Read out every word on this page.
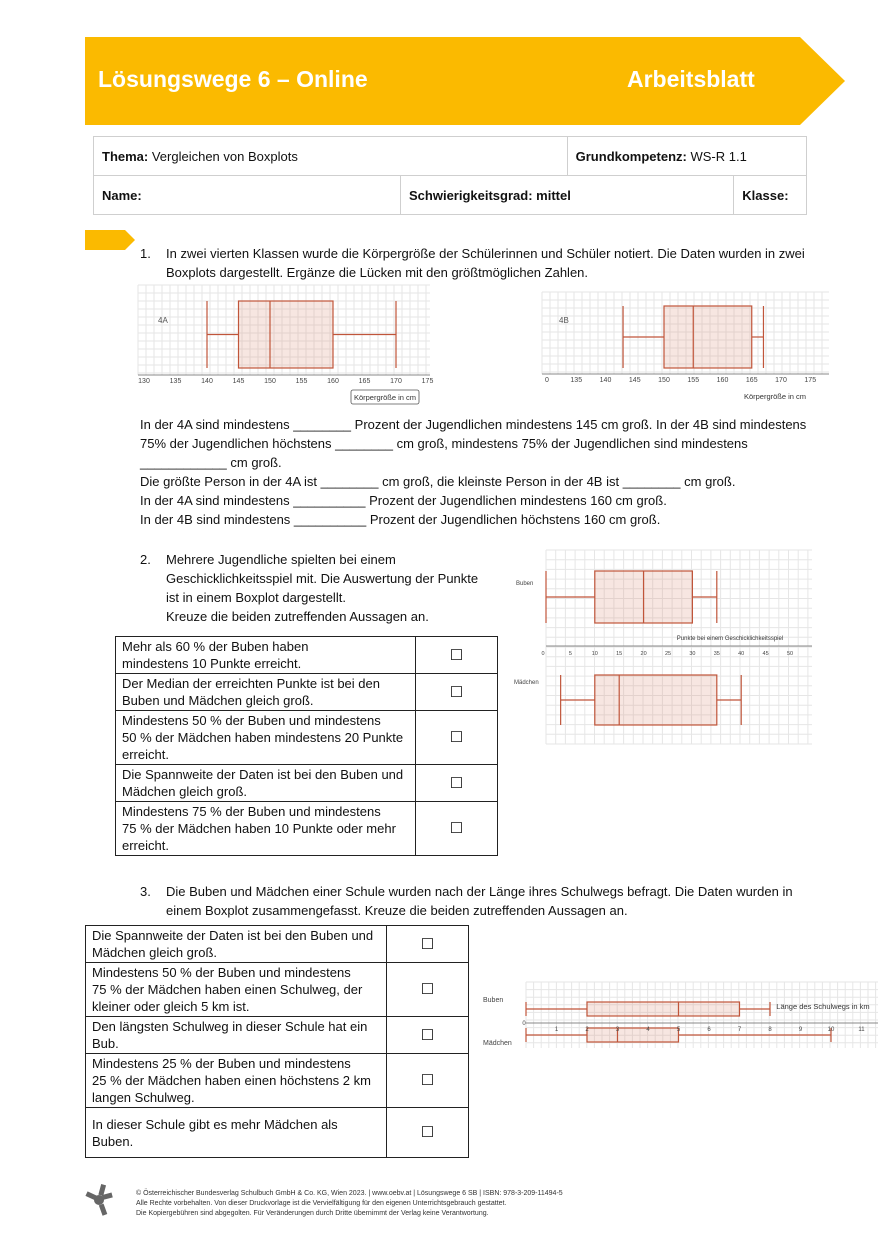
Lösungswege 6 – Online	Arbeitsblatt
Thema: Vergleichen von Boxplots		Grundkompetenz: WS-R 1.1	
Name:	Schwierigkeitsgrad: mittel		Klasse:
1. In zwei vierten Klassen wurde die Körpergröße der Schülerinnen und Schüler notiert. Die Daten wurden in zwei
Boxplots dargestellt. Ergänze die Lücken mit den größtmöglichen Zahlen.
4A
130	135	140	145	150	155	160	165	170	175
Körpergröße in cm
4B
0	135	140	145	150	155	160	165	170	175
Körpergröße in cm
In der 4A sind mindestens ________ Prozent der Jugendlichen mindestens 145 cm groß. In der 4B sind mindestens
75% der Jugendlichen höchstens ________ cm groß, mindestens 75% der Jugendlichen sind mindestens
____________ cm groß.
Die größte Person in der 4A ist ________ cm groß, die kleinste Person in der 4B ist ________ cm groß.
In der 4A sind mindestens __________ Prozent der Jugendlichen mindestens 160 cm groß.
In der 4B sind mindestens __________ Prozent der Jugendlichen höchstens 160 cm groß.
2. Mehrere Jugendliche spielten bei einem
Geschicklichkeitsspiel mit. Die Auswertung der Punkte
ist in einem Boxplot dargestellt.
Kreuze die beiden zutreffenden Aussagen an.
Buben
Mädchen
Punkte bei einem Geschicklichkeitsspiel
0	5	10	15	20	25	30	35	40	45	50
Mehr als 60 % der Buben haben
mindestens 10 Punkte erreicht.	☐

Der Median der erreichten Punkte ist bei den
Buben und Mädchen gleich groß.	☐

Mindestens 50 % der Buben und mindestens
50 % der Mädchen haben mindestens 20 Punkte
erreicht.	☐

Die Spannweite der Daten ist bei den Buben und
Mädchen gleich groß.	☐

Mindestens 75 % der Buben und mindestens
75 % der Mädchen haben 10 Punkte oder mehr
erreicht.	☐
3. Die Buben und Mädchen einer Schule wurden nach der Länge ihres Schulwegs befragt. Die Daten wurden in
einem Boxplot zusammengefasst. Kreuze die beiden zutreffenden Aussagen an.
Die Spannweite der Daten ist bei den Buben und
Mädchen gleich groß.	☐

Mindestens 50 % der Buben und mindestens
75 % der Mädchen haben einen Schulweg, der
kleiner oder gleich 5 km ist.	☐

Den längsten Schulweg in dieser Schule hat ein
Bub.	☐

Mindestens 25 % der Buben und mindestens
25 % der Mädchen haben einen höchstens 2 km
langen Schulweg.	☐

In dieser Schule gibt es mehr Mädchen als
Buben.	☐
Buben
Mädchen
Länge des Schulwegs in km
0
1	2	3	4	5	6	7	8	9	10	11
© Österreichischer Bundesverlag Schulbuch GmbH & Co. KG, Wien 2023. | www.oebv.at | Lösungswege 6 SB | ISBN: 978-3-209-11494-5
Alle Rechte vorbehalten. Von dieser Druckvorlage ist die Vervielfältigung für den eigenen Unterrichtsgebrauch gestattet.
Die Kopiergebühren sind abgegolten. Für Veränderungen durch Dritte übernimmt der Verlag keine Verantwortung.
